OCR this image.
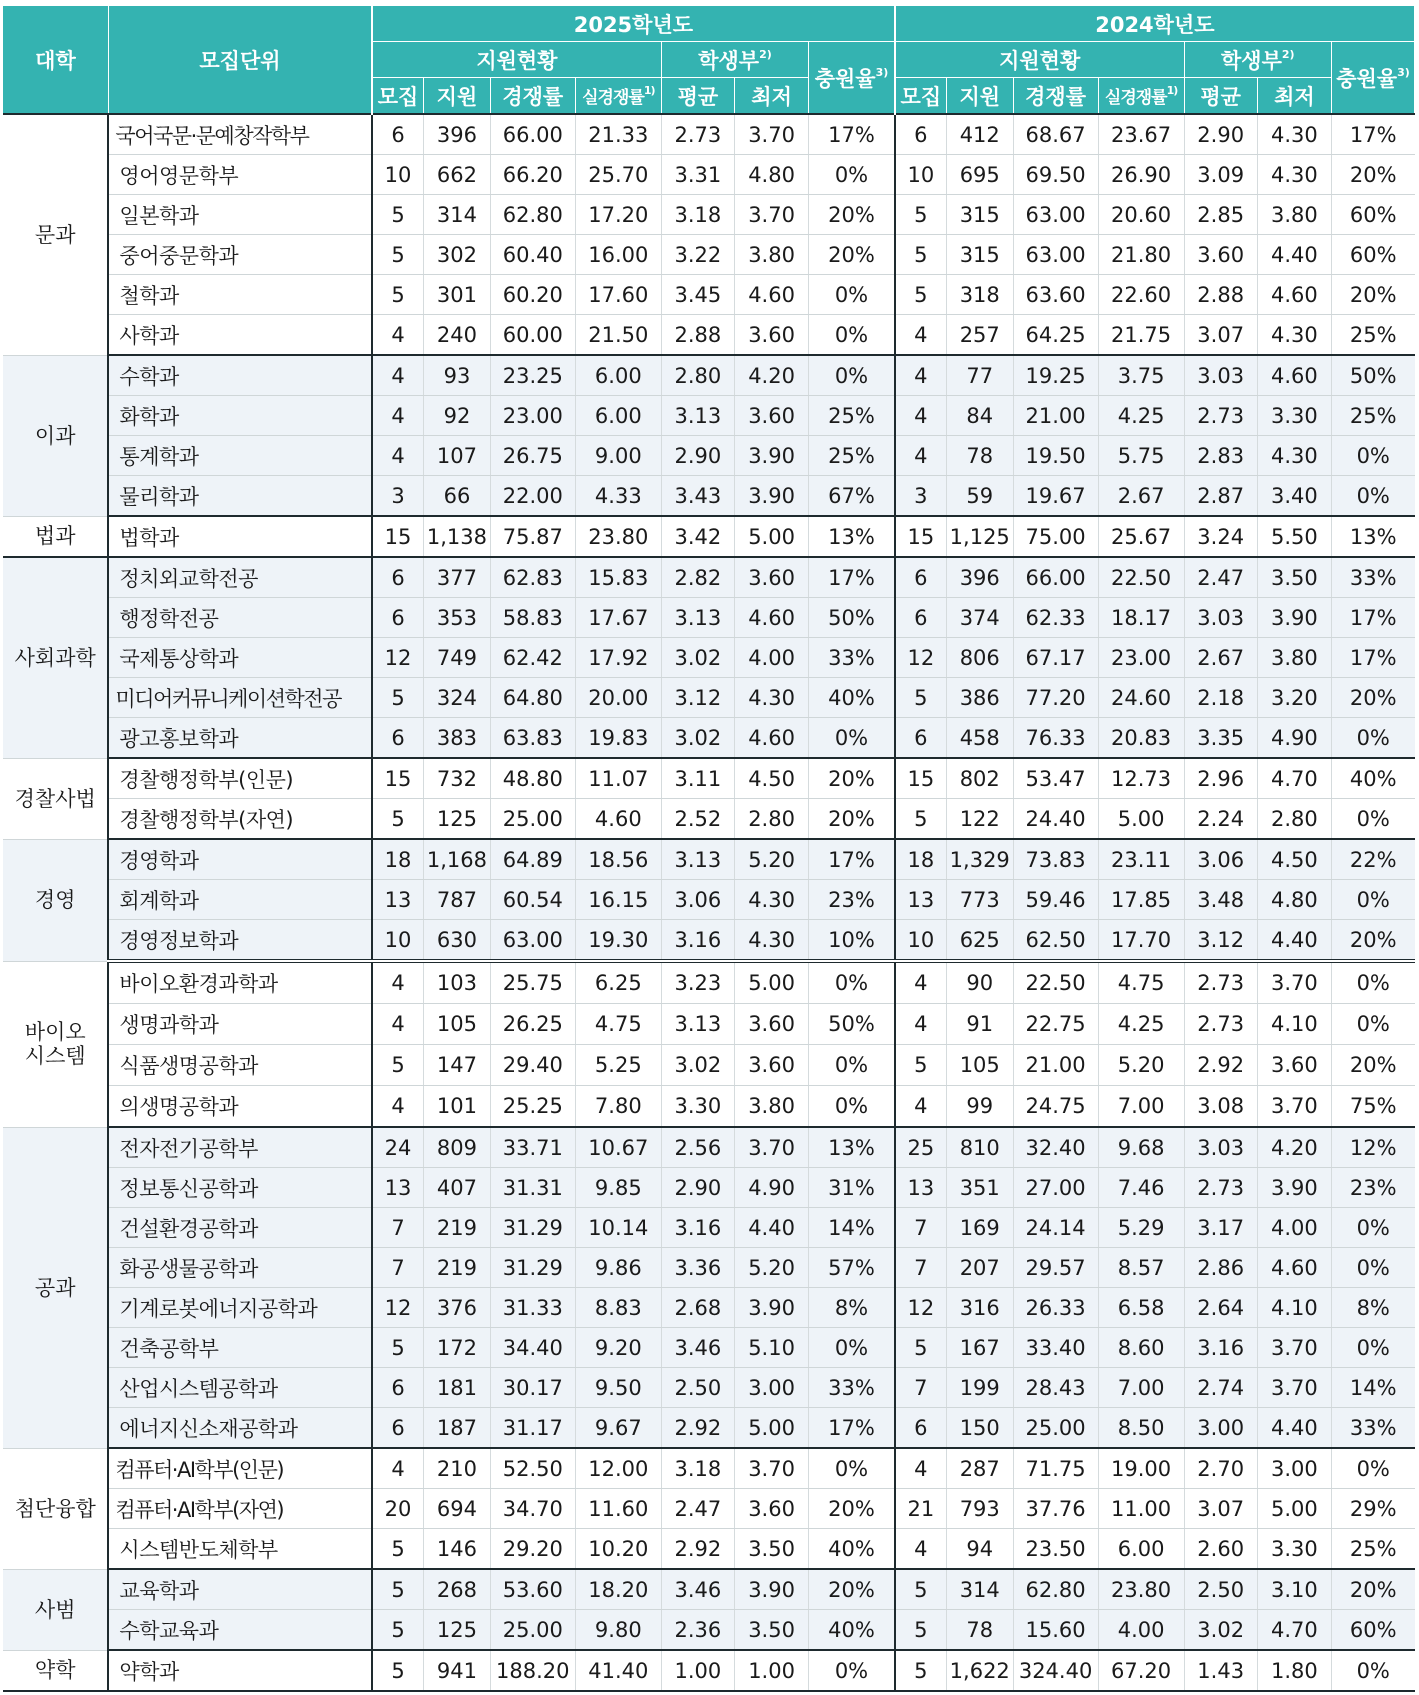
대학	모집단위	2025학년도							2024학년도						
		지원현황				학생부$^{2)}$		충원율$^{3)}$	지원현황				학생부$^{2)}$		충원율$^{3)}$
		모집	지원	경쟁률	실경쟁률$^{1)}$	평균	최저		모집	지원	경쟁률	실경쟁률$^{1)}$	평균	최저	
문과	국어국문·문예창작학부	6	396	66.00	21.33	2.73	3.70	17%	6	412	68.67	23.67	2.90	4.30	17%
	영어영문학부	10	662	66.20	25.70	3.31	4.80	0%	10	695	69.50	26.90	3.09	4.30	20%
	일본학과	5	314	62.80	17.20	3.18	3.70	20%	5	315	63.00	20.60	2.85	3.80	60%
	중어중문학과	5	302	60.40	16.00	3.22	3.80	20%	5	315	63.00	21.80	3.60	4.40	60%
	철학과	5	301	60.20	17.60	3.45	4.60	0%	5	318	63.60	22.60	2.88	4.60	20%
	사학과	4	240	60.00	21.50	2.88	3.60	0%	4	257	64.25	21.75	3.07	4.30	25%
이과	수학과	4	93	23.25	6.00	2.80	4.20	0%	4	77	19.25	3.75	3.03	4.60	50%
	화학과	4	92	23.00	6.00	3.13	3.60	25%	4	84	21.00	4.25	2.73	3.30	25%
	통계학과	4	107	26.75	9.00	2.90	3.90	25%	4	78	19.50	5.75	2.83	4.30	0%
	물리학과	3	66	22.00	4.33	3.43	3.90	67%	3	59	19.67	2.67	2.87	3.40	0%
법과	법학과	15	1,138	75.87	23.80	3.42	5.00	13%	15	1,125	75.00	25.67	3.24	5.50	13%
사회과학	정치외교학전공	6	377	62.83	15.83	2.82	3.60	17%	6	396	66.00	22.50	2.47	3.50	33%
	행정학전공	6	353	58.83	17.67	3.13	4.60	50%	6	374	62.33	18.17	3.03	3.90	17%
	국제통상학과	12	749	62.42	17.92	3.02	4.00	33%	12	806	67.17	23.00	2.67	3.80	17%
	미디어커뮤니케이션학전공	5	324	64.80	20.00	3.12	4.30	40%	5	386	77.20	24.60	2.18	3.20	20%
	광고홍보학과	6	383	63.83	19.83	3.02	4.60	0%	6	458	76.33	20.83	3.35	4.90	0%
경찰사법	경찰행정학부(인문)	15	732	48.80	11.07	3.11	4.50	20%	15	802	53.47	12.73	2.96	4.70	40%
	경찰행정학부(자연)	5	125	25.00	4.60	2.52	2.80	20%	5	122	24.40	5.00	2.24	2.80	0%
경영	경영학과	18	1,168	64.89	18.56	3.13	5.20	17%	18	1,329	73.83	23.11	3.06	4.50	22%
	회계학과	13	787	60.54	16.15	3.06	4.30	23%	13	773	59.46	17.85	3.48	4.80	0%
	경영정보학과	10	630	63.00	19.30	3.16	4.30	10%	10	625	62.50	17.70	3.12	4.40	20%
바이오
시스템	바이오환경과학과	4	103	25.75	6.25	3.23	5.00	0%	4	90	22.50	4.75	2.73	3.70	0%
	생명과학과	4	105	26.25	4.75	3.13	3.60	50%	4	91	22.75	4.25	2.73	4.10	0%
	식품생명공학과	5	147	29.40	5.25	3.02	3.60	0%	5	105	21.00	5.20	2.92	3.60	20%
	의생명공학과	4	101	25.25	7.80	3.30	3.80	0%	4	99	24.75	7.00	3.08	3.70	75%
공과	전자전기공학부	24	809	33.71	10.67	2.56	3.70	13%	25	810	32.40	9.68	3.03	4.20	12%
	정보통신공학과	13	407	31.31	9.85	2.90	4.90	31%	13	351	27.00	7.46	2.73	3.90	23%
	건설환경공학과	7	219	31.29	10.14	3.16	4.40	14%	7	169	24.14	5.29	3.17	4.00	0%
	화공생물공학과	7	219	31.29	9.86	3.36	5.20	57%	7	207	29.57	8.57	2.86	4.60	0%
	기계로봇에너지공학과	12	376	31.33	8.83	2.68	3.90	8%	12	316	26.33	6.58	2.64	4.10	8%
	건축공학부	5	172	34.40	9.20	3.46	5.10	0%	5	167	33.40	8.60	3.16	3.70	0%
	산업시스템공학과	6	181	30.17	9.50	2.50	3.00	33%	7	199	28.43	7.00	2.74	3.70	14%
	에너지신소재공학과	6	187	31.17	9.67	2.92	5.00	17%	6	150	25.00	8.50	3.00	4.40	33%
첨단융합	컴퓨터·AI학부(인문)	4	210	52.50	12.00	3.18	3.70	0%	4	287	71.75	19.00	2.70	3.00	0%
	컴퓨터·AI학부(자연)	20	694	34.70	11.60	2.47	3.60	20%	21	793	37.76	11.00	3.07	5.00	29%
	시스템반도체학부	5	146	29.20	10.20	2.92	3.50	40%	4	94	23.50	6.00	2.60	3.30	25%
사범	교육학과	5	268	53.60	18.20	3.46	3.90	20%	5	314	62.80	23.80	2.50	3.10	20%
	수학교육과	5	125	25.00	9.80	2.36	3.50	40%	5	78	15.60	4.00	3.02	4.70	60%
약학	약학과	5	941	188.20	41.40	1.00	1.00	0%	5	1,622	324.40	67.20	1.43	1.80	0%
